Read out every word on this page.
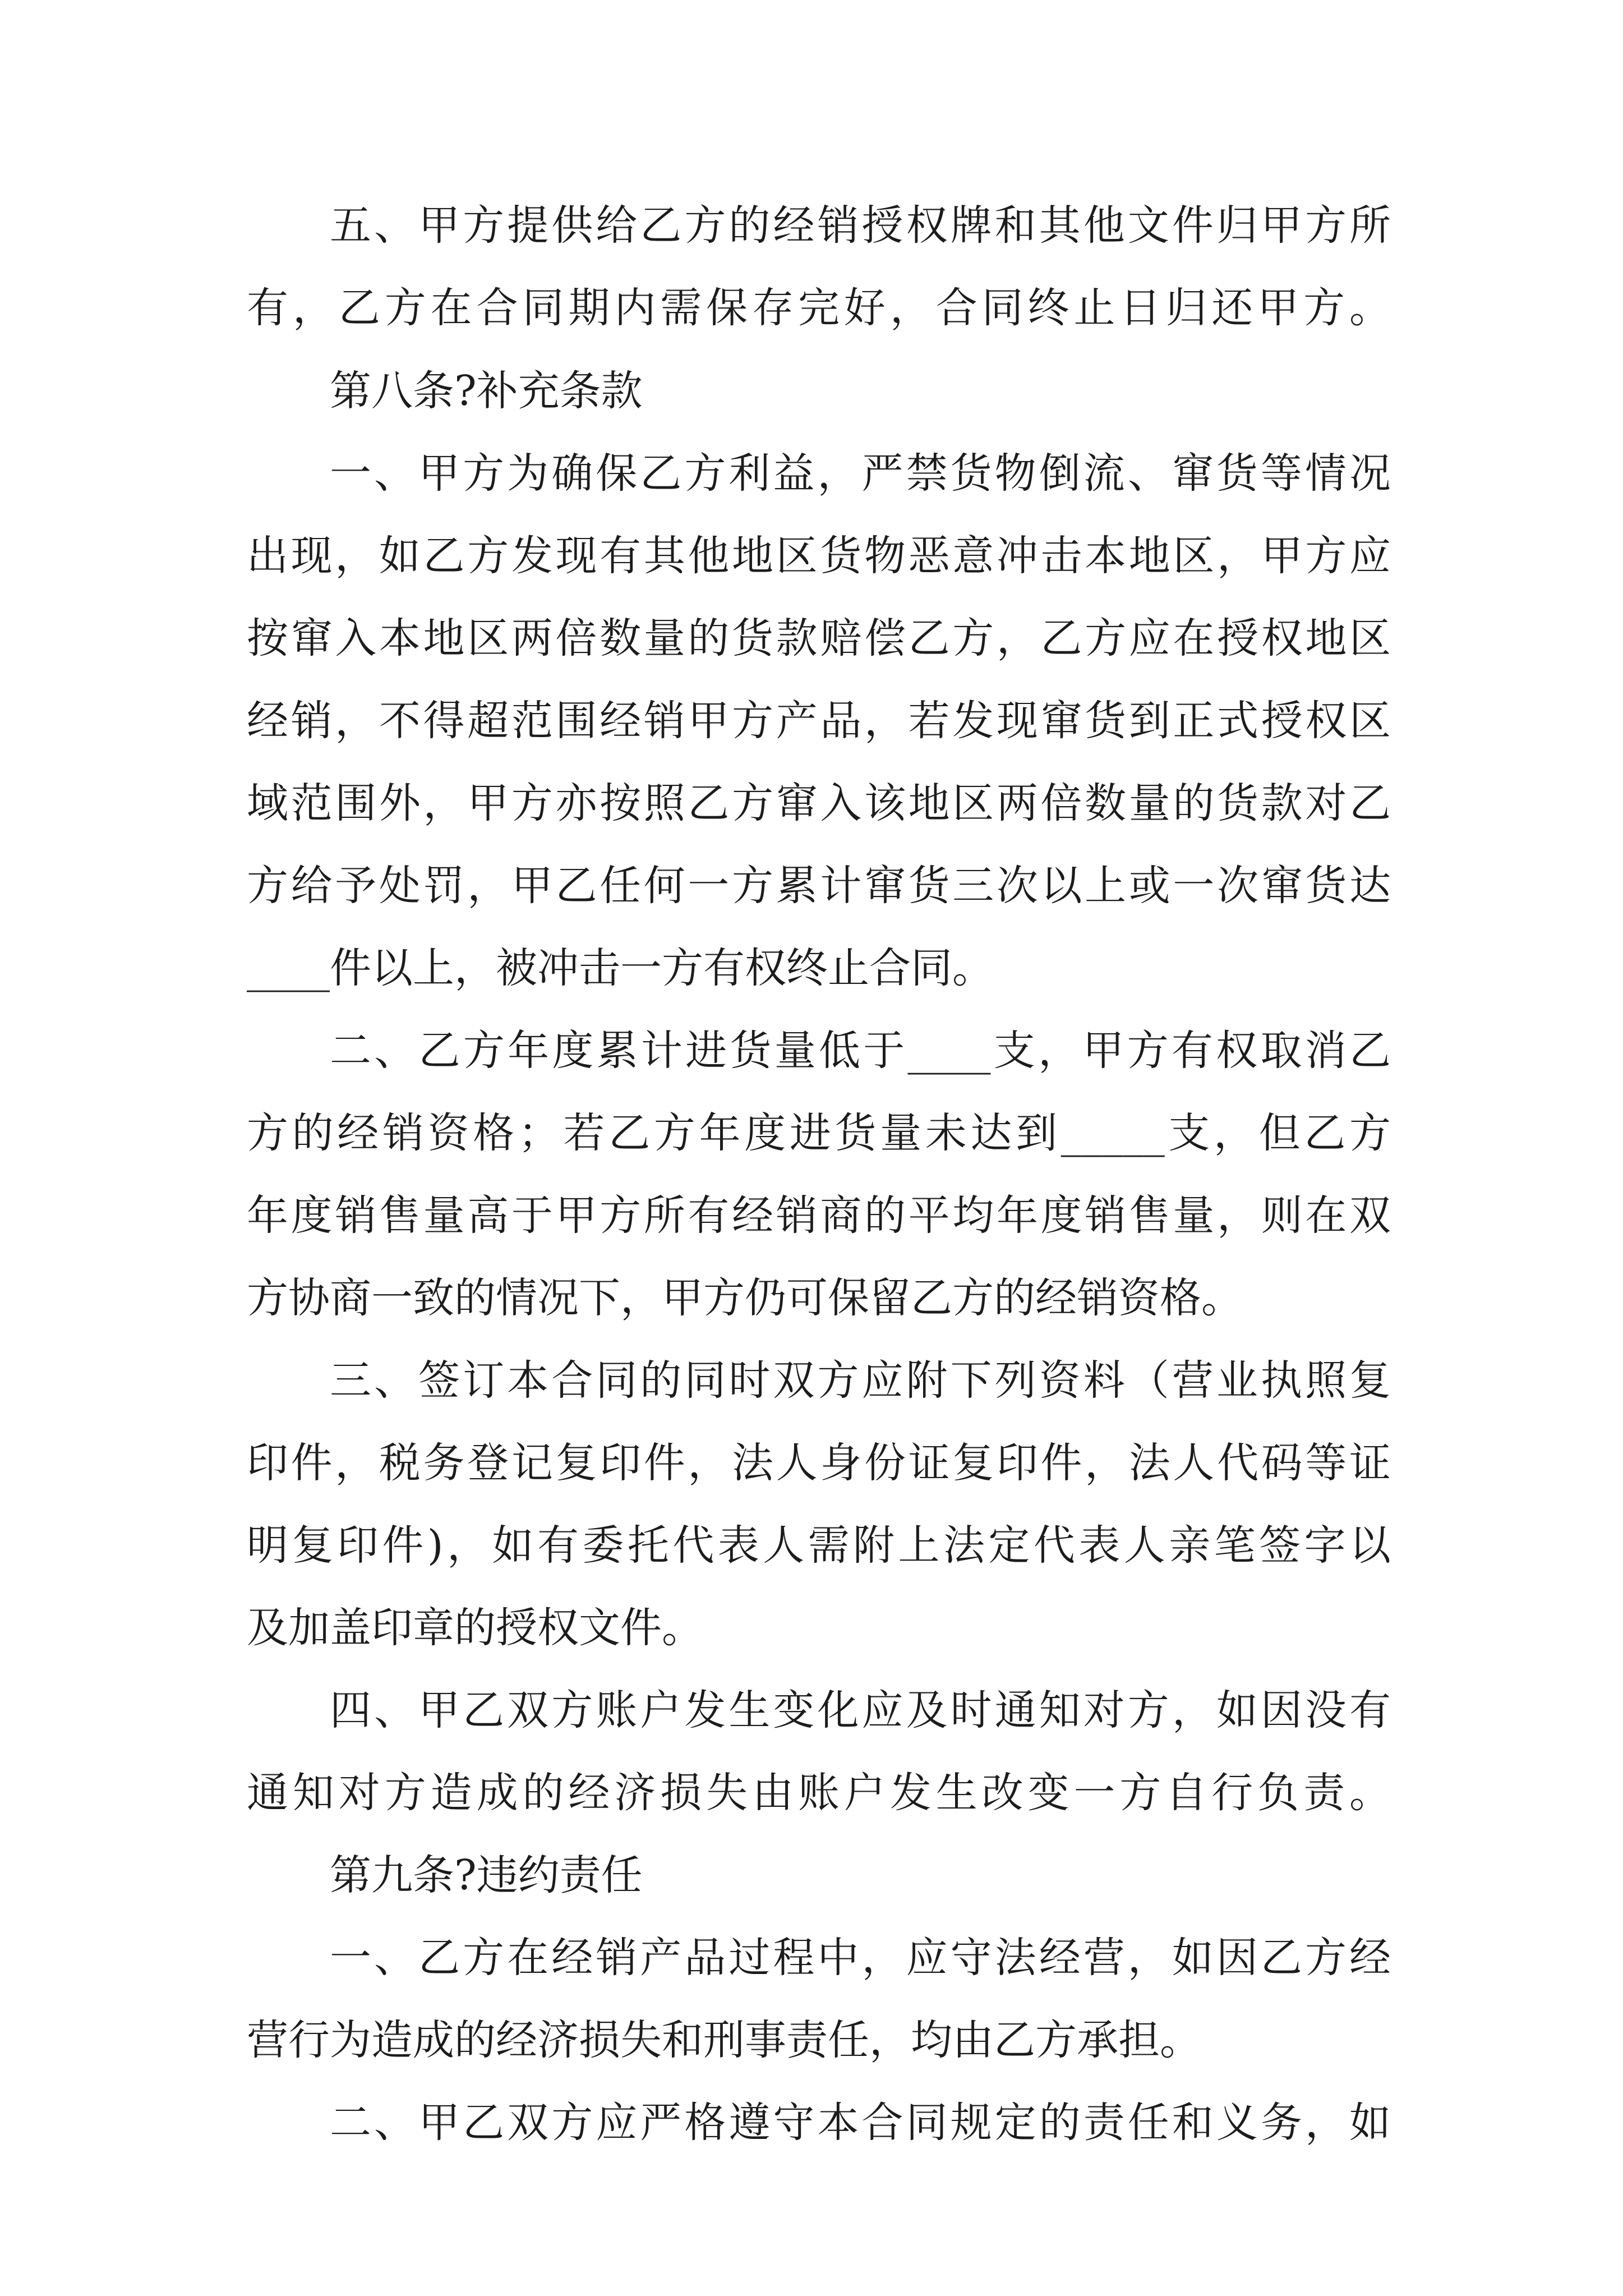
五、甲方提供给乙方的经销授权牌和其他文件归甲方所
有，乙方在合同期内需保存完好，合同终止日归还甲方。
第八条?补充条款
一、甲方为确保乙方利益，严禁货物倒流、窜货等情况
出现，如乙方发现有其他地区货物恶意冲击本地区，甲方应
按窜入本地区两倍数量的货款赔偿乙方，乙方应在授权地区
经销，不得超范围经销甲方产品，若发现窜货到正式授权区
域范围外，甲方亦按照乙方窜入该地区两倍数量的货款对乙
方给予处罚，甲乙任何一方累计窜货三次以上或一次窜货达
____件以上，被冲击一方有权终止合同。
二、乙方年度累计进货量低于____支，甲方有权取消乙
方的经销资格；若乙方年度进货量未达到_____支，但乙方
年度销售量高于甲方所有经销商的平均年度销售量，则在双
方协商一致的情况下，甲方仍可保留乙方的经销资格。
三、签订本合同的同时双方应附下列资料（营业执照复
印件，税务登记复印件，法人身份证复印件，法人代码等证
明复印件)，如有委托代表人需附上法定代表人亲笔签字以
及加盖印章的授权文件。
四、甲乙双方账户发生变化应及时通知对方，如因没有
通知对方造成的经济损失由账户发生改变一方自行负责。
第九条?违约责任
一、乙方在经销产品过程中，应守法经营，如因乙方经
营行为造成的经济损失和刑事责任，均由乙方承担。
二、甲乙双方应严格遵守本合同规定的责任和义务，如
